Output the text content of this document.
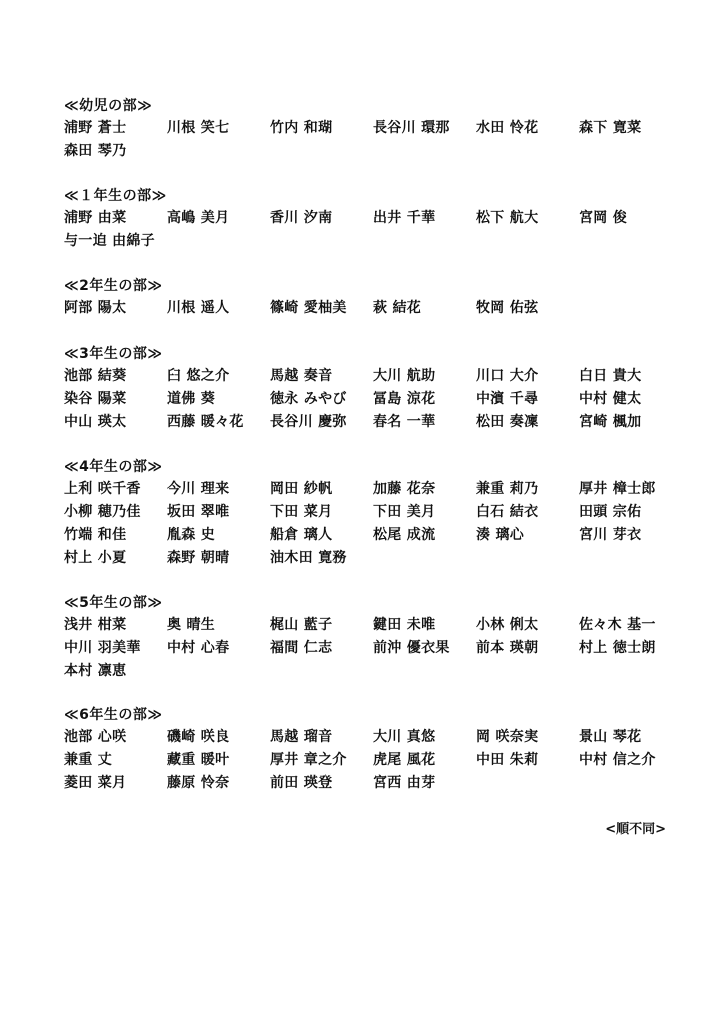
≪幼児の部≫
浦野 蒼士	川根 笑七	竹内 和瑚	長谷川 環那	水田 怜花	森下 寛菜
森田 琴乃
≪１年生の部≫
浦野 由菜	高嶋 美月	香川 汐南	出井 千華	松下 航大	宮岡 俊
与一迫 由綿子
≪2年生の部≫
阿部 陽太	川根 遥人	篠崎 愛柚美	萩 結花	牧岡 佑弦
≪3年生の部≫
池部 結葵	臼 悠之介	馬越 奏音	大川 航助	川口 大介	白日 貴大
染谷 陽菜	道佛 葵	徳永 みやび	冨島 涼花	中濱 千尋	中村 健太
中山 瑛太	西藤 暖々花	長谷川 慶弥	春名 一華	松田 奏凜	宮崎 楓加
≪4年生の部≫
上利 咲千香	今川 理来	岡田 紗帆	加藤 花奈	兼重 莉乃	厚井 樟士郎
小柳 穂乃佳	坂田 翠唯	下田 菜月	下田 美月	白石 結衣	田頭 宗佑
竹端 和佳	胤森 史	船倉 璃人	松尾 成流	湊 璃心	宮川 芽衣
村上 小夏	森野 朝晴	油木田 寛務
≪5年生の部≫
浅井 柑菜	奥 晴生	梶山 藍子	鍵田 未唯	小林 俐太	佐々木 基一
中川 羽美華	中村 心春	福間 仁志	前沖 優衣果	前本 瑛朝	村上 徳士朗
本村 凛恵
≪6年生の部≫
池部 心咲	磯崎 咲良	馬越 瑠音	大川 真悠	岡 咲奈実	景山 琴花
兼重 丈	藏重 暖叶	厚井 章之介	虎尾 風花	中田 朱莉	中村 信之介
菱田 菜月	藤原 怜奈	前田 瑛登	宮西 由芽
<順不同>
